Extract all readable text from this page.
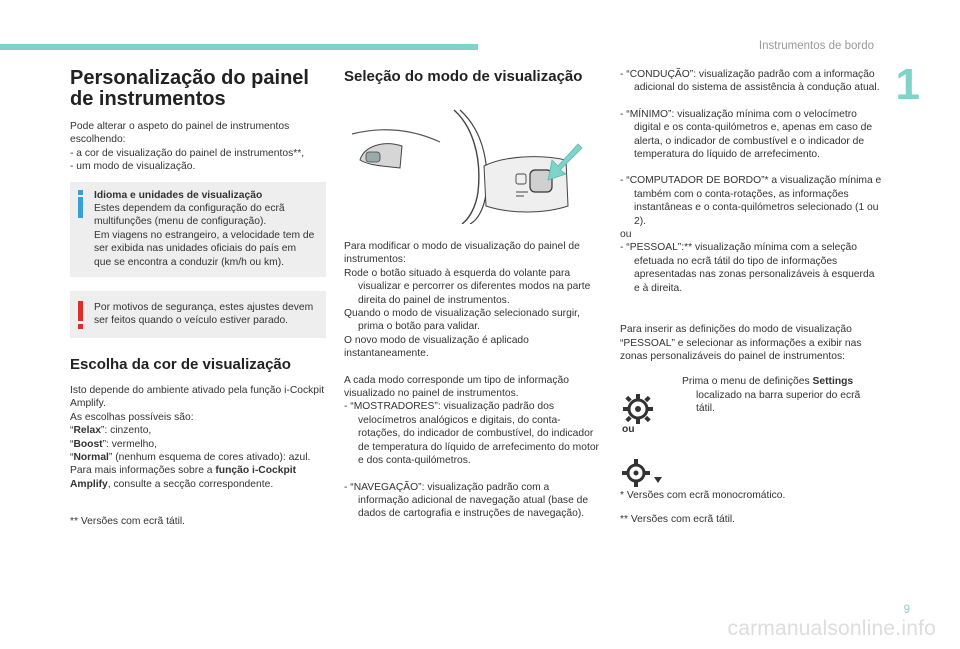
Instrumentos de bordo
1
Personalização do painel de instrumentos
Pode alterar o aspeto do painel de instrumentos escolhendo:
- a cor de visualização do painel de instrumentos**,
- um modo de visualização.
Idioma e unidades de visualização
Estes dependem da configuração do ecrã multifunções (menu de configuração).
Em viagens no estrangeiro, a velocidade tem de ser exibida nas unidades oficiais do país em que se encontra a conduzir (km/h ou km).
Por motivos de segurança, estes ajustes devem ser feitos quando o veículo estiver parado.
Escolha da cor de visualização
Isto depende do ambiente ativado pela função i-Cockpit Amplify.
As escolhas possíveis são:
“Relax”: cinzento,
“Boost”: vermelho,
“Normal” (nenhum esquema de cores ativado): azul.
Para mais informações sobre a função i-Cockpit Amplify, consulte a secção correspondente.
** Versões com ecrã tátil.
Seleção do modo de visualização
Para modificar o modo de visualização do painel de instrumentos:
Rode o botão situado à esquerda do volante para visualizar e percorrer os diferentes modos na parte direita do painel de instrumentos.
Quando o modo de visualização selecionado surgir, prima o botão para validar.
O novo modo de visualização é aplicado instantaneamente.
A cada modo corresponde um tipo de informação visualizado no painel de instrumentos.
- “MOSTRADORES”: visualização padrão dos velocímetros analógicos e digitais, do conta-rotações, do indicador de combustível, do indicador de temperatura do líquido de arrefecimento do motor e dos conta-quilómetros.
- “NAVEGAÇÃO”: visualização padrão com a informação adicional de navegação atual (base de dados de cartografia e instruções de navegação).
- “CONDUÇÃO”: visualização padrão com a informação adicional do sistema de assistência à condução atual.
- “MÍNIMO”: visualização mínima com o velocímetro digital e os conta-quilómetros e, apenas em caso de alerta, o indicador de combustível e o indicador de temperatura do líquido de arrefecimento.
- “COMPUTADOR DE BORDO”* a visualização mínima e também com o conta-rotações, as informações instantâneas e o conta-quilómetros selecionado (1 ou 2).
ou
- “PESSOAL”:** visualização mínima com a seleção efetuada no ecrã tátil do tipo de informações apresentadas nas zonas personalizáveis à esquerda e à direita.
Para inserir as definições do modo de visualização “PESSOAL” e selecionar as informações a exibir nas zonas personalizáveis do painel de instrumentos:
ou
Prima o menu de definições Settings localizado na barra superior do ecrã tátil.
* Versões com ecrã monocromático.
** Versões com ecrã tátil.
9
carmanualsonline.info
